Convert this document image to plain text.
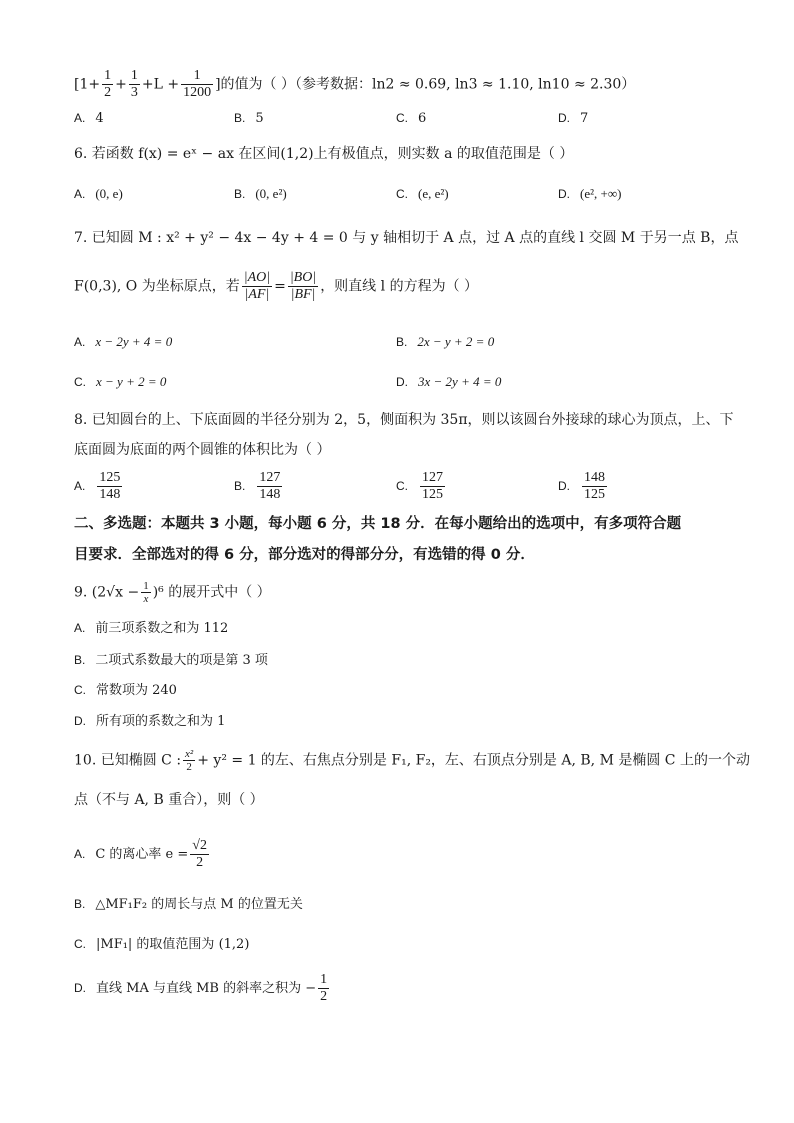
[$1+ \frac{1}{2} + \frac{1}{3} +L + \frac{1}{1200}$ ]的值为（ ）（参考数据：ln2 ≈ 0.69, ln3 ≈ 1.10, ln10 ≈ 2.30）
A. 4	B. 5	C. 6	D. 7
6. 若函数 f(x) = eˣ − ax 在区间(1,2)上有极值点，则实数 a 的取值范围是（ ）
A. (0, e)	B. (0, e²)	C. (e, e²)	D. (e², +∞)
7. 已知圆 M : x² + y² − 4x − 4y + 4 = 0 与 y 轴相切于 A 点，过 A 点的直线 l 交圆 M 于另一点 B，点
F(0,3), O 为坐标原点，若 $\frac{|AO|}{|AF|} = \frac{|BO|}{|BF|}$ ，则直线 l 的方程为（ ）
A. x − 2y + 4 = 0	B. 2x − y + 2 = 0
C. x − y + 2 = 0	D. 3x − 2y + 4 = 0
8. 已知圆台的上、下底面圆的半径分别为 2，5，侧面积为 35π，则以该圆台外接球的球心为顶点，上、下
底面圆为底面的两个圆锥的体积比为（ ）
A. $\frac{125}{148}$	B. $\frac{127}{148}$	C. $\frac{127}{125}$	D. $\frac{148}{125}$
二、多选题：本题共 3 小题，每小题 6 分，共 18 分．在每小题给出的选项中，有多项符合题
目要求．全部选对的得 6 分，部分选对的得部分分，有选错的得 0 分．
9. $(2√x - \frac{1}{x} )^6$ 的展开式中（ ）
A. 前三项系数之和为 112
B. 二项式系数最大的项是第 3 项
C. 常数项为 240
D. 所有项的系数之和为 1
10. 已知椭圆 C : $\frac{\text{x²}}{2} + y^2 = 1$ 的左、右焦点分别是 F₁, F₂，左、右顶点分别是 A, B, M 是椭圆 C 上的一个动
点（不与 A, B 重合），则（ ）
A. C 的离心率 $e = \frac{√2}{2}$
B. △MF₁F₂ 的周长与点 M 的位置无关
C. |MF₁| 的取值范围为 (1,2)
D. 直线 MA 与直线 MB 的斜率之积为 − $\frac{1}{2}$
